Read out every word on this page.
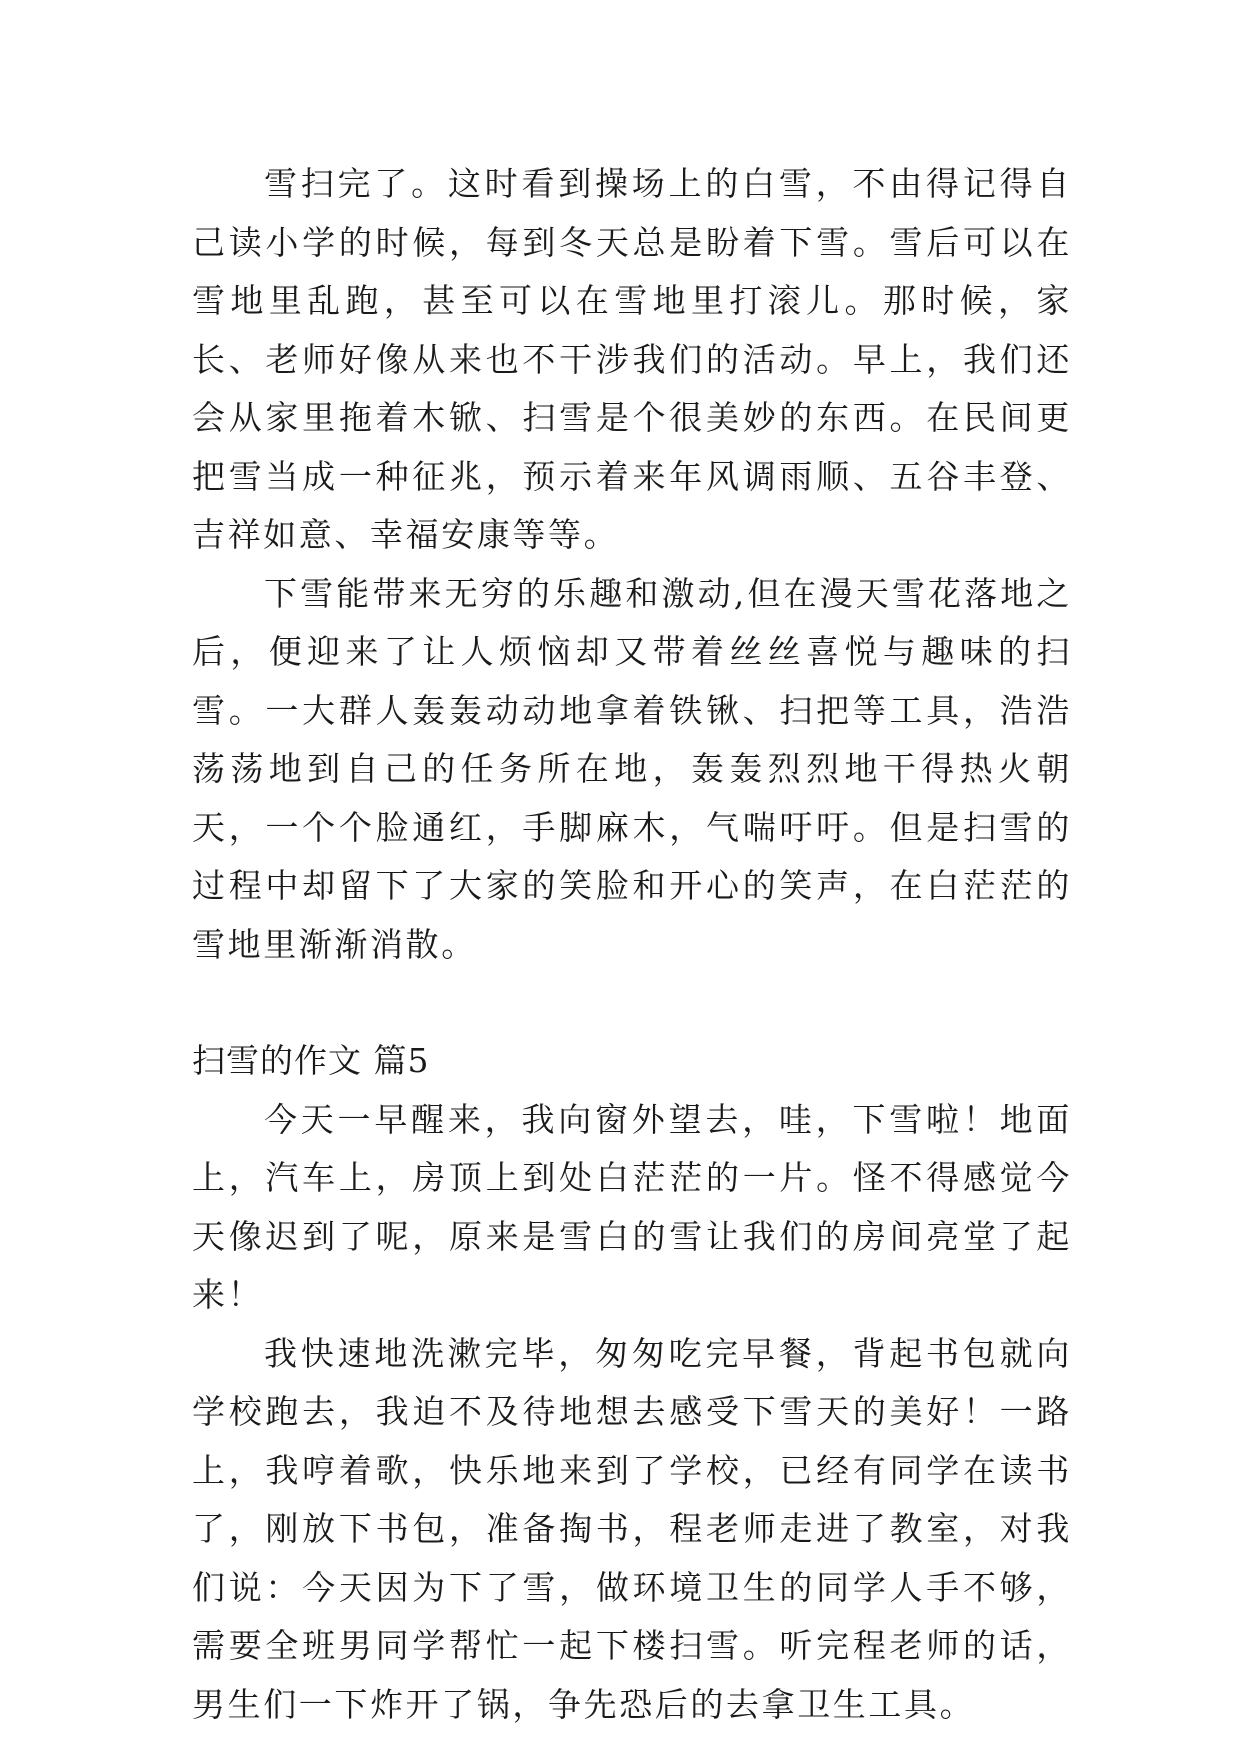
雪扫完了。这时看到操场上的白雪，不由得记得自己读小学的时候，每到冬天总是盼着下雪。雪后可以在雪地里乱跑，甚至可以在雪地里打滚儿。那时候，家长、老师好像从来也不干涉我们的活动。早上，我们还会从家里拖着木锨、扫雪是个很美妙的东西。在民间更把雪当成一种征兆，预示着来年风调雨顺、五谷丰登、吉祥如意、幸福安康等等。

下雪能带来无穷的乐趣和激动,但在漫天雪花落地之后，便迎来了让人烦恼却又带着丝丝喜悦与趣味的扫雪。一大群人轰轰动动地拿着铁锹、扫把等工具，浩浩荡荡地到自己的任务所在地，轰轰烈烈地干得热火朝天，一个个脸通红，手脚麻木，气喘吁吁。但是扫雪的过程中却留下了大家的笑脸和开心的笑声，在白茫茫的雪地里渐渐消散。

扫雪的作文 篇5

今天一早醒来，我向窗外望去，哇，下雪啦！地面上，汽车上，房顶上到处白茫茫的一片。怪不得感觉今天像迟到了呢，原来是雪白的雪让我们的房间亮堂了起来！

我快速地洗漱完毕，匆匆吃完早餐，背起书包就向学校跑去，我迫不及待地想去感受下雪天的美好！一路上，我哼着歌，快乐地来到了学校，已经有同学在读书了，刚放下书包，准备掏书，程老师走进了教室，对我们说：今天因为下了雪，做环境卫生的同学人手不够，需要全班男同学帮忙一起下楼扫雪。听完程老师的话，男生们一下炸开了锅，争先恐后的去拿卫生工具。
